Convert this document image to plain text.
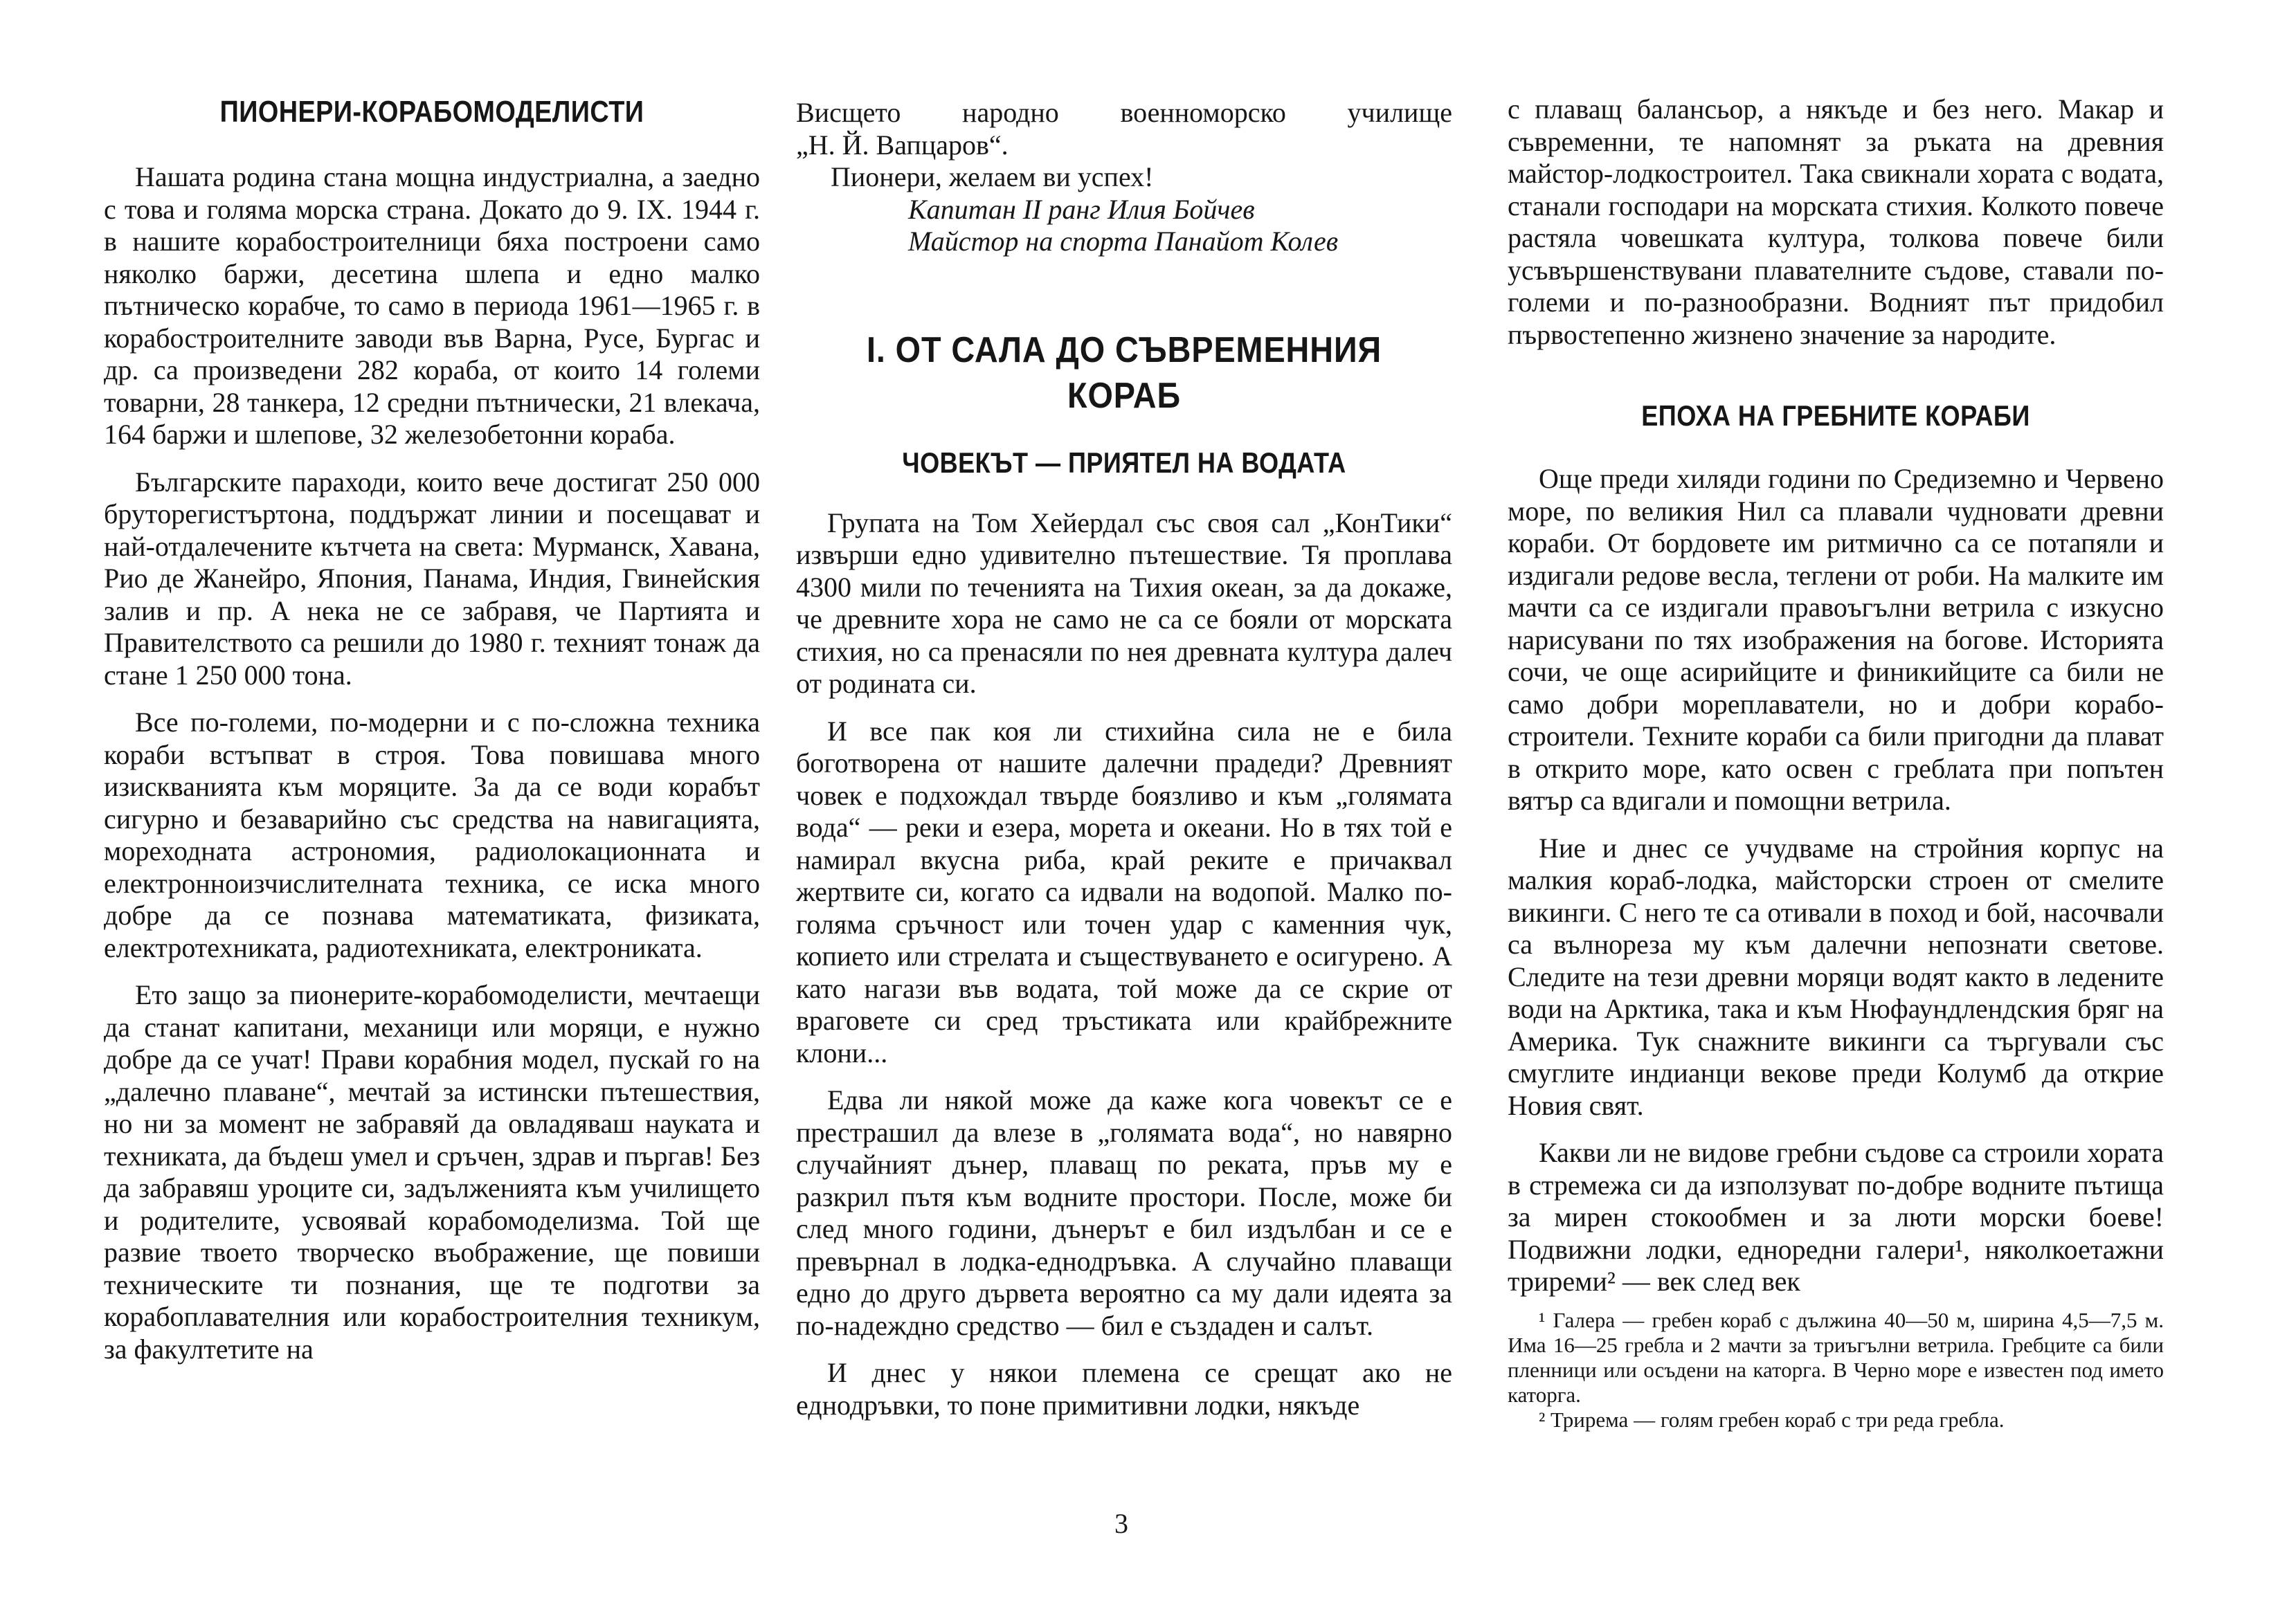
ПИОНЕРИ-КОРАБОМОДЕЛИСТИ

Нашата родина стана мощна индустриална, а заедно с това и голяма морска страна. Докато до 9. IX. 1944 г. в нашите корабостроителници бяха построени само няколко баржи, десетина шлепа и едно малко пътническо корабче, то само в периода 1961—1965 г. в корабостроителните заводи във Варна, Русе, Бургас и др. са произведени 282 кораба, от които 14 големи товарни, 28 танкера, 12 средни пътнически, 21 влекача, 164 баржи и шлепове, 32 железобетонни кораба.

Българските параходи, които вече достигат 250 000 брутoрегистъртона, поддържат линии и посещават и най-отдалечените кътчета на света: Мурманск, Хавана, Рио де Жанейро, Япония, Панама, Индия, Гвинейския залив и пр. А нека не се забравя, че Партията и Правителството са решили до 1980 г. техният тонаж да стане 1 250 000 тона.

Все по-големи, по-модерни и с по-сложна техника кораби встъпват в строя. Това повишава много изискванията към моряците. За да се води корабът сигурно и безаварийно със средства на навигацията, мореходната астрономия, радиолокационната и електронноизчислителната техника, се иска много добре да се познава математиката, физиката, електротехниката, радиотехниката, електрониката.

Ето защо за пионерите-корабомоделисти, мечтаещи да станат капитани, механици или моряци, е нужно добре да се учат! Прави корабния модел, пускай го на „далечно плаване“, мечтай за истински пътешествия, но ни за момент не забравяй да овладяваш науката и техниката, да бъдеш умел и сръчен, здрав и пъргав! Без да забравяш уроците си, задълженията към училището и родителите, усвоявай корабомоделизма. Той ще развие твоето творческо въображение, ще повиши техническите ти познания, ще те подготви за корабоплавателния или корабостроителния техникум, за факултетите на

Висщето народно военноморско училище

„Н. Й. Вапцаров“.

Пионери, желаем ви успех!

Капитан II ранг Илия Бойчев

Майстор на спорта Панайот Колев

I. ОТ САЛА ДО СЪВРЕМЕННИЯ
КОРАБ
ЧОВЕКЪТ — ПРИЯТЕЛ НА ВОДАТА

Групата на Том Хейердал със своя сал „КонТики“ извърши едно удивително пътешествие. Тя проплава 4300 мили по теченията на Тихия океан, за да докаже, че древните хора не само не са се бояли от морската стихия, но са пренасяли по нея древната култура далеч от родината си.

И все пак коя ли стихийна сила не е била боготворена от нашите далечни прадеди? Древният човек е подхождал твърде боязливо и към „голямата вода“ — реки и езера, морета и океани. Но в тях той е намирал вкусна риба, край реките е причаквал жертвите си, когато са идвали на водопой. Малко по-голяма сръчност или точен удар с каменния чук, копието или стрелата и съществуването е осигурено. А като нагази във водата, той може да се скрие от враговете си сред тръстиката или крайбрежните клони...

Едва ли някой може да каже кога човекът се е престрашил да влезе в „голямата вода“, но навярно случайният дънер, плаващ по реката, пръв му е разкрил пътя към водните простори. После, може би след много години, дънерът е бил издълбан и се е превърнал в лодка-еднодръвка. А случайно плаващи едно до друго дървета вероятно са му дали идеята за по-надеждно средство — бил е създаден и салът.

И днес у някои племена се срещат ако не еднодръвки, то поне примитивни лодки, някъде

с плаващ балансьор, а някъде и без него. Макар и съвременни, те напомнят за ръката на древния майстор-лодкостроител. Така свикнали хората с водата, станали господари на морската стихия. Колкото повече растяла човешката култура, толкова повече били усъвършенствувани плавателните съдове, ставали по-големи и по-разнообразни. Водният път придобил първостепенно жизнено значение за народите.

ЕПОХА НА ГРЕБНИТЕ КОРАБИ

Още преди хиляди години по Средиземно и Червено море, по великия Нил са плавали чудновати древни кораби. От бордовете им ритмично са се потапяли и издигали редове весла, теглени от роби. На малките им мачти са се издигали правоъгълни ветрила с изкусно нарисувани по тях изображения на богове. Историята сочи, че още асирийците и финикийците са били не само добри мореплаватели, но и добри корабостроители. Техните кораби са били пригодни да плават в открито море, като освен с греблата при попътен вятър са вдигали и помощни ветрила.

Ние и днес се учудваме на стройния корпус на малкия кораб-лодка, майсторски строен от смелите викинги. С него те са отивали в поход и бой, насочвали са вълнореза му към далечни непознати светове. Следите на тези древни моряци водят както в ледените води на Арктика, така и към Нюфаундлендския бряг на Америка. Тук снажните викинги са търгували със смуглите индианци векове преди Колумб да открие Новия свят.

Какви ли не видове гребни съдове са строили хората в стремежа си да използуват по-добре водните пътища за мирен стокообмен и за люти морски боеве! Подвижни лодки, еднoредни галери¹, няколкоетажни триреми² — век след век

¹ Галера — гребен кораб с дължина 40—50 м, ширина 4,5—7,5 м. Има 16—25 гребла и 2 мачти за триъгълни ветрила. Гребците са били пленници или осъдени на каторга. В Черно море е известен под името каторга.

² Трирема — голям гребен кораб с три реда гребла.

3
